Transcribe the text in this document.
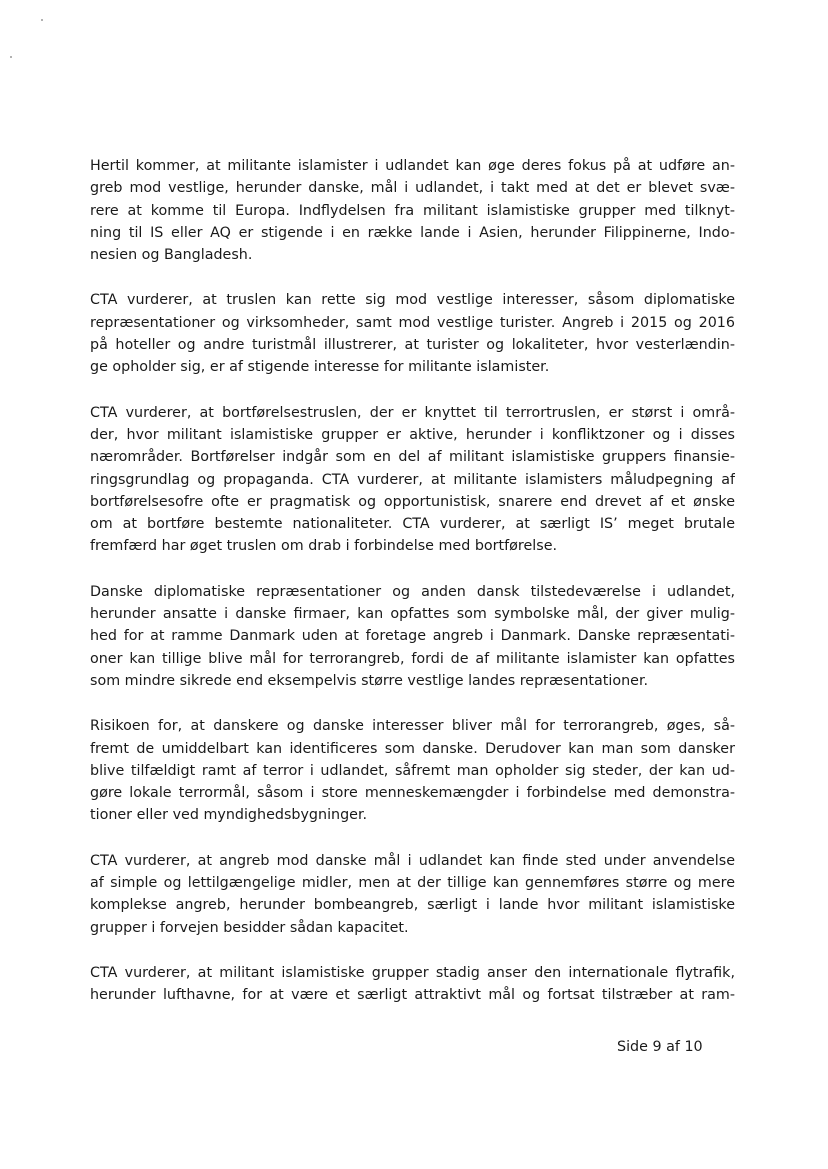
Hertil kommer, at militante islamister i udlandet kan øge deres fokus på at udføre an-
greb mod vestlige, herunder danske, mål i udlandet, i takt med at det er blevet svæ-
rere at komme til Europa. Indflydelsen fra militant islamistiske grupper med tilknyt-
ning til IS eller AQ er stigende i en række lande i Asien, herunder Filippinerne, Indo-
nesien og Bangladesh.
CTA vurderer, at truslen kan rette sig mod vestlige interesser, såsom diplomatiske
repræsentationer og virksomheder, samt mod vestlige turister. Angreb i 2015 og 2016
på hoteller og andre turistmål illustrerer, at turister og lokaliteter, hvor vesterlændin-
ge opholder sig, er af stigende interesse for militante islamister.
CTA vurderer, at bortførelsestruslen, der er knyttet til terrortruslen, er størst i områ-
der, hvor militant islamistiske grupper er aktive, herunder i konfliktzoner og i disses
nærområder. Bortførelser indgår som en del af militant islamistiske gruppers finansie-
ringsgrundlag og propaganda. CTA vurderer, at militante islamisters måludpegning af
bortførelsesofre ofte er pragmatisk og opportunistisk, snarere end drevet af et ønske
om at bortføre bestemte nationaliteter. CTA vurderer, at særligt IS’ meget brutale
fremfærd har øget truslen om drab i forbindelse med bortførelse.
Danske diplomatiske repræsentationer og anden dansk tilstedeværelse i udlandet,
herunder ansatte i danske firmaer, kan opfattes som symbolske mål, der giver mulig-
hed for at ramme Danmark uden at foretage angreb i Danmark. Danske repræsentati-
oner kan tillige blive mål for terrorangreb, fordi de af militante islamister kan opfattes
som mindre sikrede end eksempelvis større vestlige landes repræsentationer.
Risikoen for, at danskere og danske interesser bliver mål for terrorangreb, øges, så-
fremt de umiddelbart kan identificeres som danske. Derudover kan man som dansker
blive tilfældigt ramt af terror i udlandet, såfremt man opholder sig steder, der kan ud-
gøre lokale terrormål, såsom i store menneskemængder i forbindelse med demonstra-
tioner eller ved myndighedsbygninger.
CTA vurderer, at angreb mod danske mål i udlandet kan finde sted under anvendelse
af simple og lettilgængelige midler, men at der tillige kan gennemføres større og mere
komplekse angreb, herunder bombeangreb, særligt i lande hvor militant islamistiske
grupper i forvejen besidder sådan kapacitet.
CTA vurderer, at militant islamistiske grupper stadig anser den internationale flytrafik,
herunder lufthavne, for at være et særligt attraktivt mål og fortsat tilstræber at ram-
Side 9 af 10
